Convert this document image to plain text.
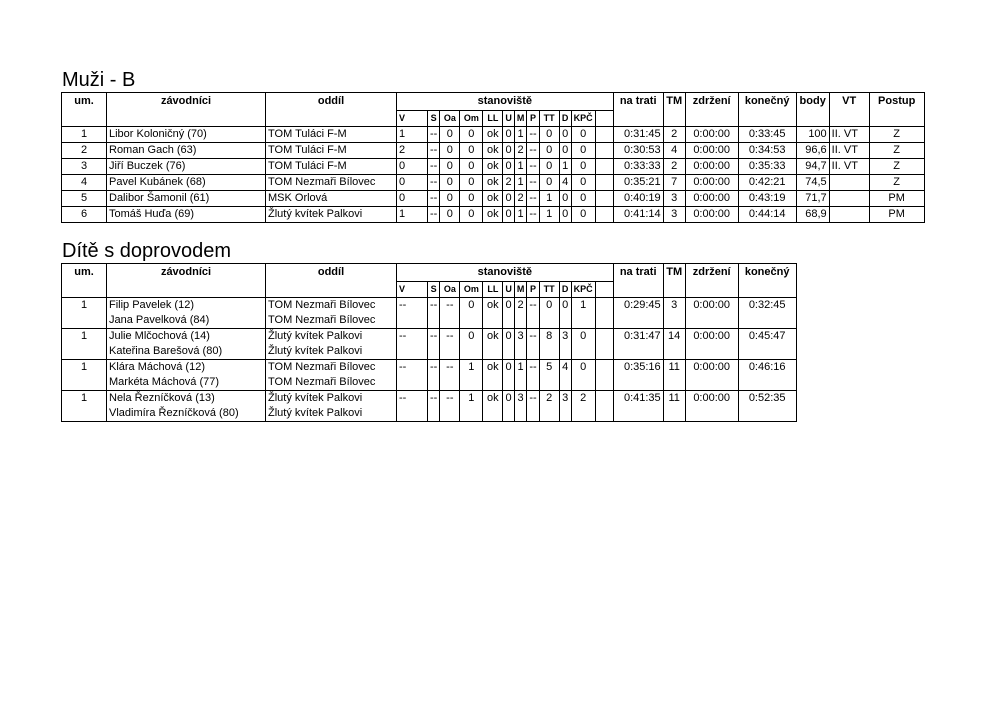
Muži - B
um.	závodníci	oddíl	stanoviště												na trati	TM	zdržení	konečný	body	VT	Postup
			V	S	Oa	Om	LL	U	M	P	TT	D	KPČ								
1	Libor Koloničný (70)	TOM Tuláci F-M	1	--	0	0	ok	0	1	--	0	0	0		0:31:45	2	0:00:00	0:33:45	100	II. VT	Z
2	Roman Gach (63)	TOM Tuláci F-M	2	--	0	0	ok	0	2	--	0	0	0		0:30:53	4	0:00:00	0:34:53	96,6	II. VT	Z
3	Jiří Buczek (76)	TOM Tuláci F-M	0	--	0	0	ok	0	1	--	0	1	0		0:33:33	2	0:00:00	0:35:33	94,7	II. VT	Z
4	Pavel Kubánek (68)	TOM Nezmaři Bílovec	0	--	0	0	ok	2	1	--	0	4	0		0:35:21	7	0:00:00	0:42:21	74,5		Z
5	Dalibor Šamonil (61)	MSK Orlová	0	--	0	0	ok	0	2	--	1	0	0		0:40:19	3	0:00:00	0:43:19	71,7		PM
6	Tomáš Huďa (69)	Žlutý kvítek Palkovi	1	--	0	0	ok	0	1	--	1	0	0		0:41:14	3	0:00:00	0:44:14	68,9		PM
Dítě s doprovodem
um.	závodníci	oddíl	stanoviště												na trati	TM	zdržení	konečný
			V	S	Oa	Om	LL	U	M	P	TT	D	KPČ					
1	Filip Pavelek (12)	TOM Nezmaři Bílovec	--	--	--	0	ok	0	2	--	0	0	1		0:29:45	3	0:00:00	0:32:45
	Jana Pavelková (84)	TOM Nezmaři Bílovec																
1	Julie Mlčochová (14)	Žlutý kvítek Palkovi	--	--	--	0	ok	0	3	--	8	3	0		0:31:47	14	0:00:00	0:45:47
	Kateřina Barešová (80)	Žlutý kvítek Palkovi																
1	Klára Máchová (12)	TOM Nezmaři Bílovec	--	--	--	1	ok	0	1	--	5	4	0		0:35:16	11	0:00:00	0:46:16
	Markéta Máchová (77)	TOM Nezmaři Bílovec																
1	Nela Řezníčková (13)	Žlutý kvítek Palkovi	--	--	--	1	ok	0	3	--	2	3	2		0:41:35	11	0:00:00	0:52:35
	Vladimíra Řezníčková (80)	Žlutý kvítek Palkovi																
